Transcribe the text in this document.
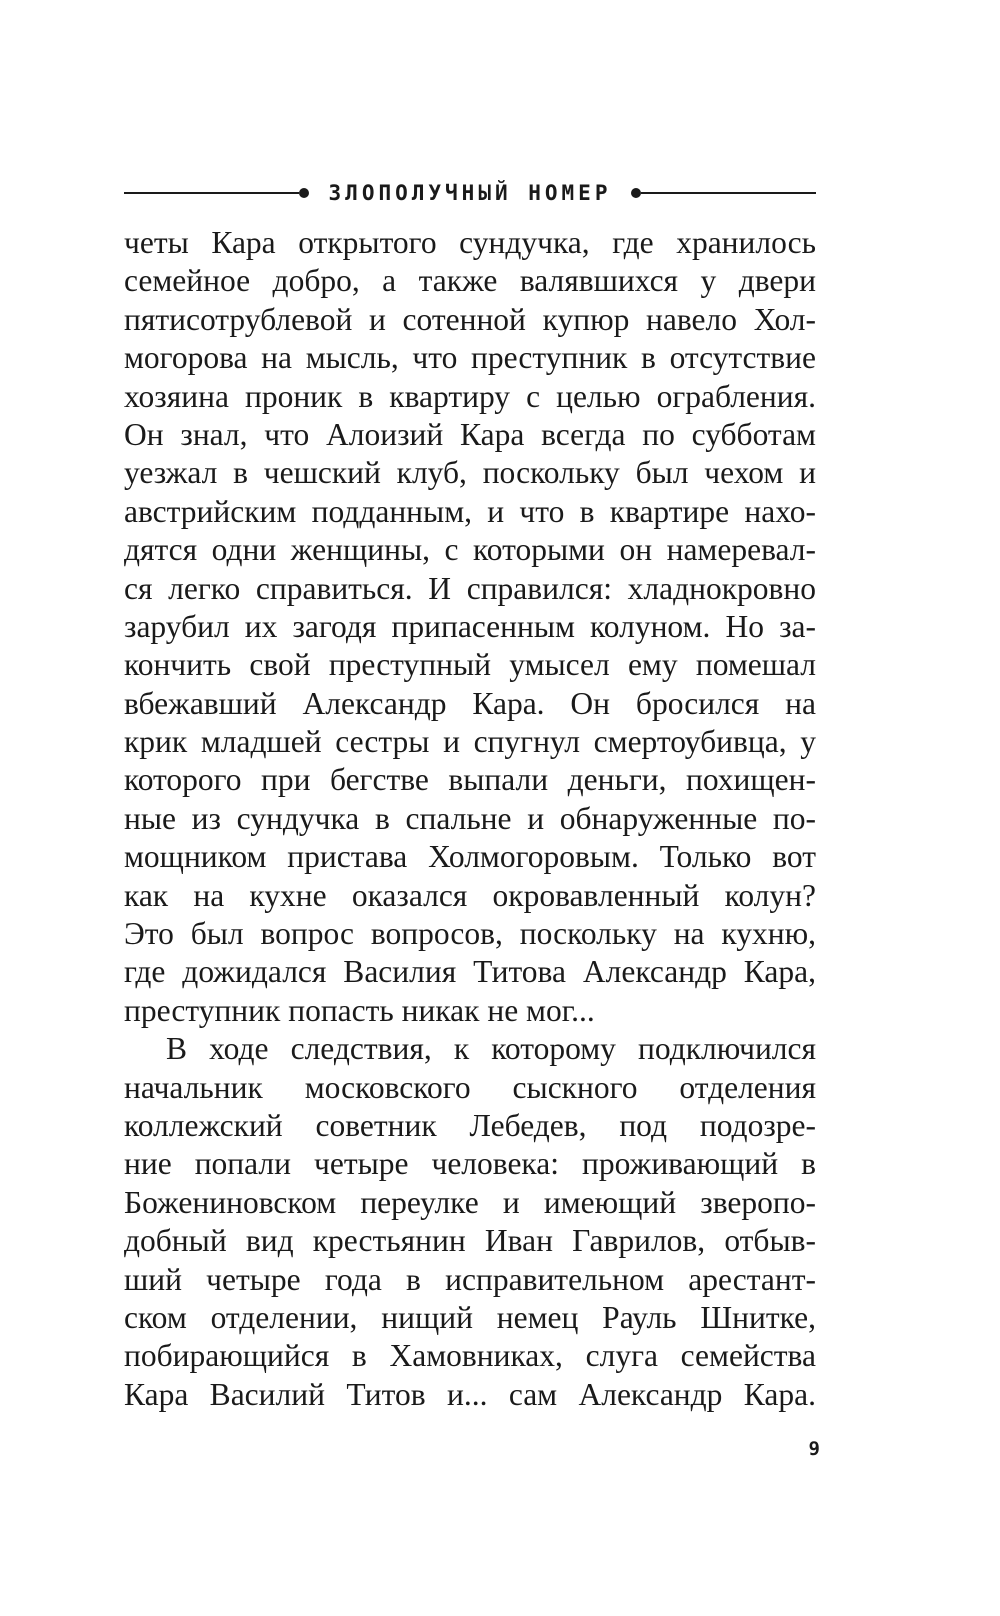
ЗЛОПОЛУЧНЫЙ НОМЕР
четы Кара открытого сундучка, где хранилось
семейное добро, а также валявшихся у двери
пятисотрублевой и сотенной купюр навело Хол-
могорова на мысль, что преступник в отсутствие
хозяина проник в квартиру с целью ограбления.
Он знал, что Алоизий Кара всегда по субботам
уезжал в чешский клуб, поскольку был чехом и
австрийским подданным, и что в квартире нахо-
дятся одни женщины, с которыми он намеревал-
ся легко справиться. И справился: хладнокровно
зарубил их загодя припасенным колуном. Но за-
кончить свой преступный умысел ему помешал
вбежавший Александр Кара. Он бросился на
крик младшей сестры и спугнул смертоубивца, у
которого при бегстве выпали деньги, похищен-
ные из сундучка в спальне и обнаруженные по-
мощником пристава Холмогоровым. Только вот
как на кухне оказался окровавленный колун?
Это был вопрос вопросов, поскольку на кухню,
где дожидался Василия Титова Александр Кара,
преступник попасть никак не мог...
В ходе следствия, к которому подключился
начальник московского сыскного отделения
коллежский советник Лебедев, под подозре-
ние попали четыре человека: проживающий в
Божениновском переулке и имеющий зверопо-
добный вид крестьянин Иван Гаврилов, отбыв-
ший четыре года в исправительном арестант-
ском отделении, нищий немец Рауль Шнитке,
побирающийся в Хамовниках, слуга семейства
Кара Василий Титов и... сам Александр Кара.
9
